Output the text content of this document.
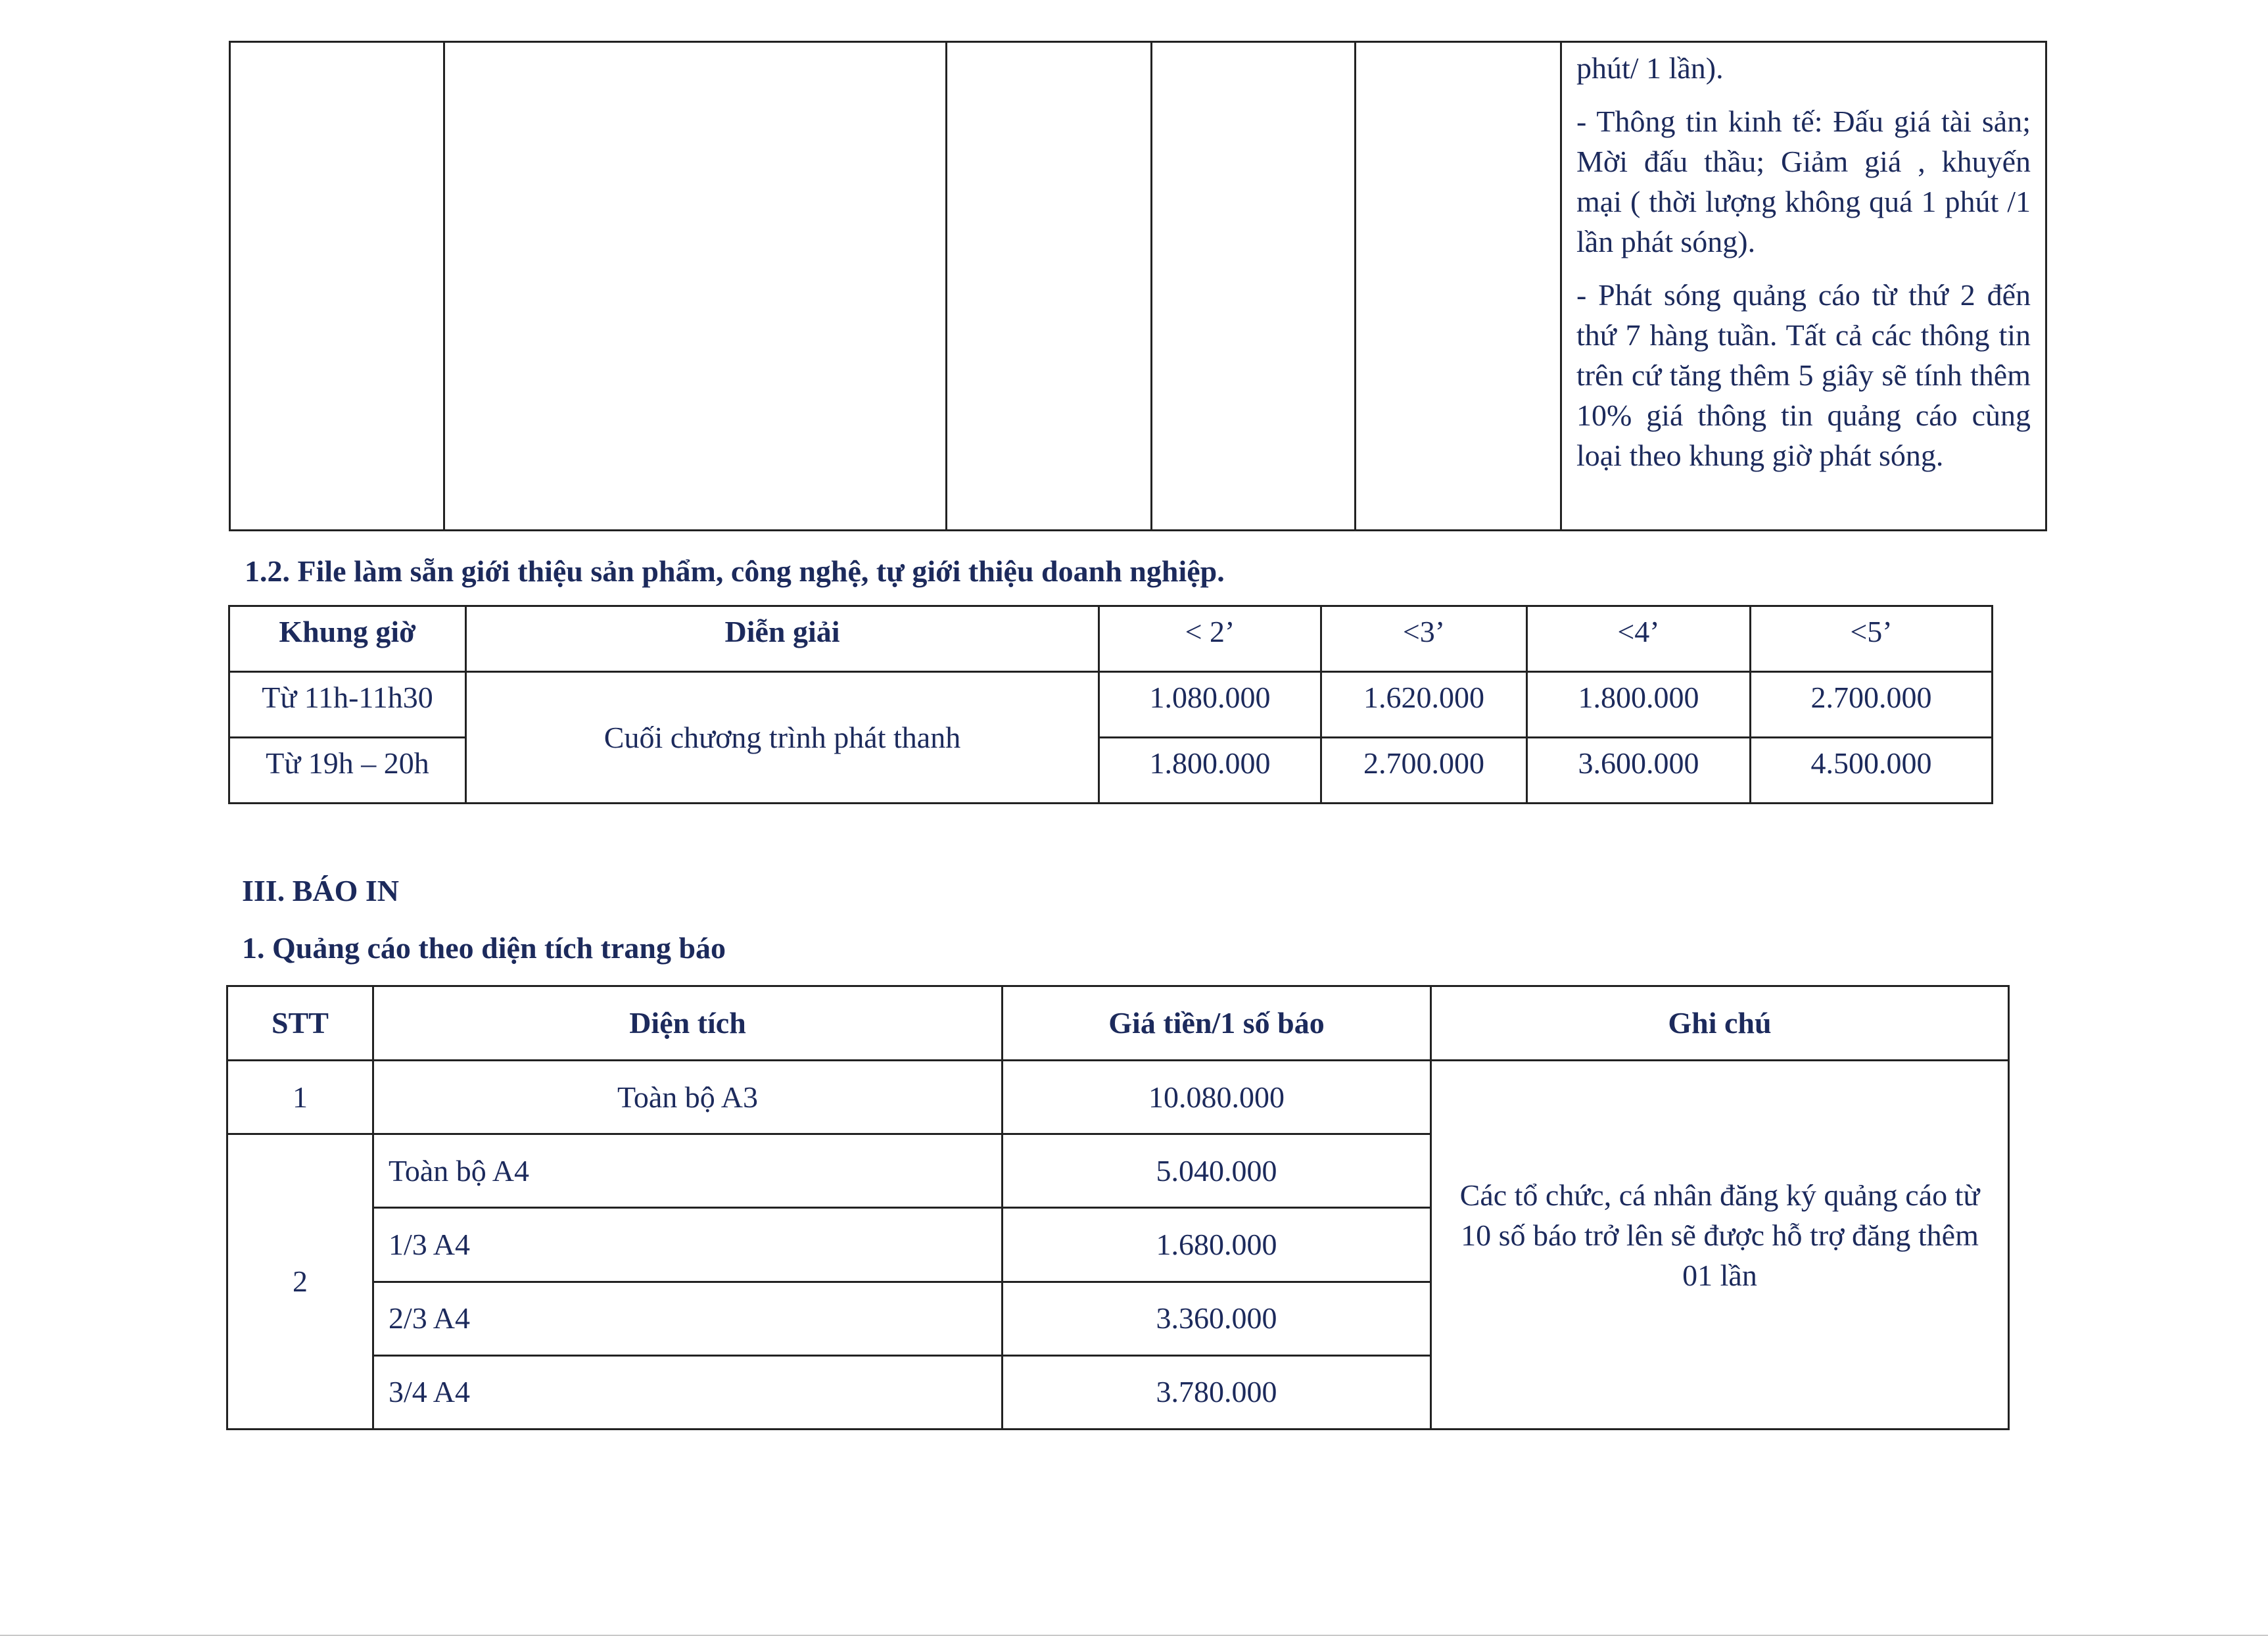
phút/ 1 lần).

- Thông tin kinh tế: Đấu giá tài sản; Mời đấu thầu; Giảm giá , khuyến mại ( thời lượng không quá 1 phút /1 lần phát sóng).

- Phát sóng quảng cáo từ thứ 2 đến thứ 7 hàng tuần. Tất cả các thông tin trên cứ tăng thêm 5 giây sẽ tính thêm 10% giá thông tin quảng cáo cùng loại theo khung giờ phát sóng.

1.2. File làm sẵn giới thiệu sản phẩm, công nghệ, tự giới thiệu doanh nghiệp.
Khung giờ	Diễn giải	< 2’	<3’	<4’	<5’
Từ 11h-11h30	Cuối chương trình phát thanh	1.080.000	1.620.000	1.800.000	2.700.000
Từ 19h – 20h		1.800.000	2.700.000	3.600.000	4.500.000
III. BÁO IN
1. Quảng cáo theo diện tích trang báo
STT	Diện tích	Giá tiền/1 số báo	Ghi chú
1	Toàn bộ A3	10.080.000	Các tổ chức, cá nhân đăng ký quảng cáo từ 10 số báo trở lên sẽ được hỗ trợ đăng thêm 01 lần
2	Toàn bộ A4	5.040.000	
	1/3 A4	1.680.000	
	2/3 A4	3.360.000	
	3/4 A4	3.780.000	
